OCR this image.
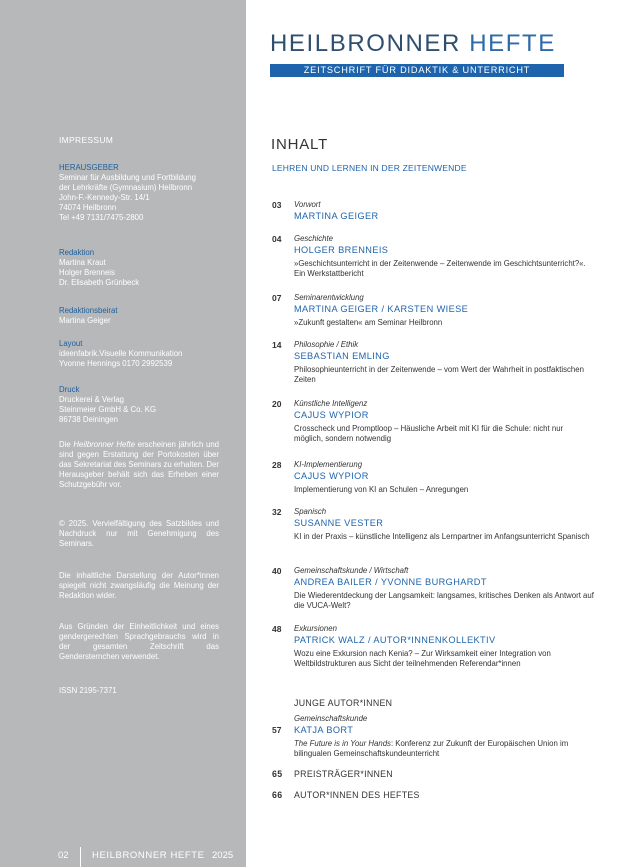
IMPRESSUM
HERAUSGEBER
Seminar für Ausbildung und Fortbildung
der Lehrkräfte (Gymnasium) Heilbronn
John-F.-Kennedy-Str. 14/1
74074 Heilbronn
Tel +49 7131/7475-2800
Redaktion
Martina Kraut
Holger Brenneis
Dr. Elisabeth Grünbeck
Redaktionsbeirat
Martina Geiger
Layout
ideenfabrik.Visuelle Kommunikation
Yvonne Hennings 0170 2992539
Druck
Druckerei & Verlag
Steinmeier GmbH & Co. KG
86738 Deiningen
Die Heilbronner Hefte erscheinen jährlich und sind gegen Erstattung der Portokosten über das Sekretariat des Seminars zu erhalten. Der Herausgeber behält sich das Erheben einer Schutzgebühr vor.
© 2025. Vervielfältigung des Satzbildes und Nachdruck nur mit Genehmigung des Seminars.
Die inhaltliche Darstellung der Autor*innen spiegelt nicht zwangsläufig die Meinung der Redaktion wider.
Aus Gründen der Einheitlichkeit und eines gendergerechten Sprachgebrauchs wird in der gesamten Zeitschrift das Gendersternchen verwendet.
ISSN 2195-7371
02 HEILBRONNER HEFTE 2025
HEILBRONNER HEFTE
ZEITSCHRIFT FÜR DIDAKTIK & UNTERRICHT
INHALT
LEHREN UND LERNEN IN DER ZEITENWENDE
03 Vorwort
MARTINA GEIGER
04 Geschichte
HOLGER BRENNEIS
»Geschichtsunterricht in der Zeitenwende – Zeitenwende im Geschichtsunterricht?«. Ein Werkstattbericht
07 Seminarentwicklung
MARTINA GEIGER / KARSTEN WIESE
»Zukunft gestalten« am Seminar Heilbronn
14 Philosophie / Ethik
SEBASTIAN EMLING
Philosophieunterricht in der Zeitenwende – vom Wert der Wahrheit in postfaktischen Zeiten
20 Künstliche Intelligenz
CAJUS WYPIOR
Crosscheck und Promptloop – Häusliche Arbeit mit KI für die Schule: nicht nur möglich, sondern notwendig
28 KI-Implementierung
CAJUS WYPIOR
Implementierung von KI an Schulen – Anregungen
32 Spanisch
SUSANNE VESTER
KI in der Praxis – künstliche Intelligenz als Lernpartner im Anfangsunterricht Spanisch
40 Gemeinschaftskunde / Wirtschaft
ANDREA BAILER / YVONNE BURGHARDT
Die Wiederentdeckung der Langsamkeit: langsames, kritisches Denken als Antwort auf die VUCA-Welt?
48 Exkursionen
PATRICK WALZ / AUTOR*INNENKOLLEKTIV
Wozu eine Exkursion nach Kenia? – Zur Wirksamkeit einer Integration von Weltbildstrukturen aus Sicht der teilnehmenden Referendar*innen
JUNGE AUTOR*INNEN
Gemeinschaftskunde
57 KATJA BORT
The Future is in Your Hands: Konferenz zur Zukunft der Europäischen Union im bilingualen Gemeinschaftskundeunterricht
65 PREISTRÄGER*INNEN
66 AUTOR*INNEN DES HEFTES
